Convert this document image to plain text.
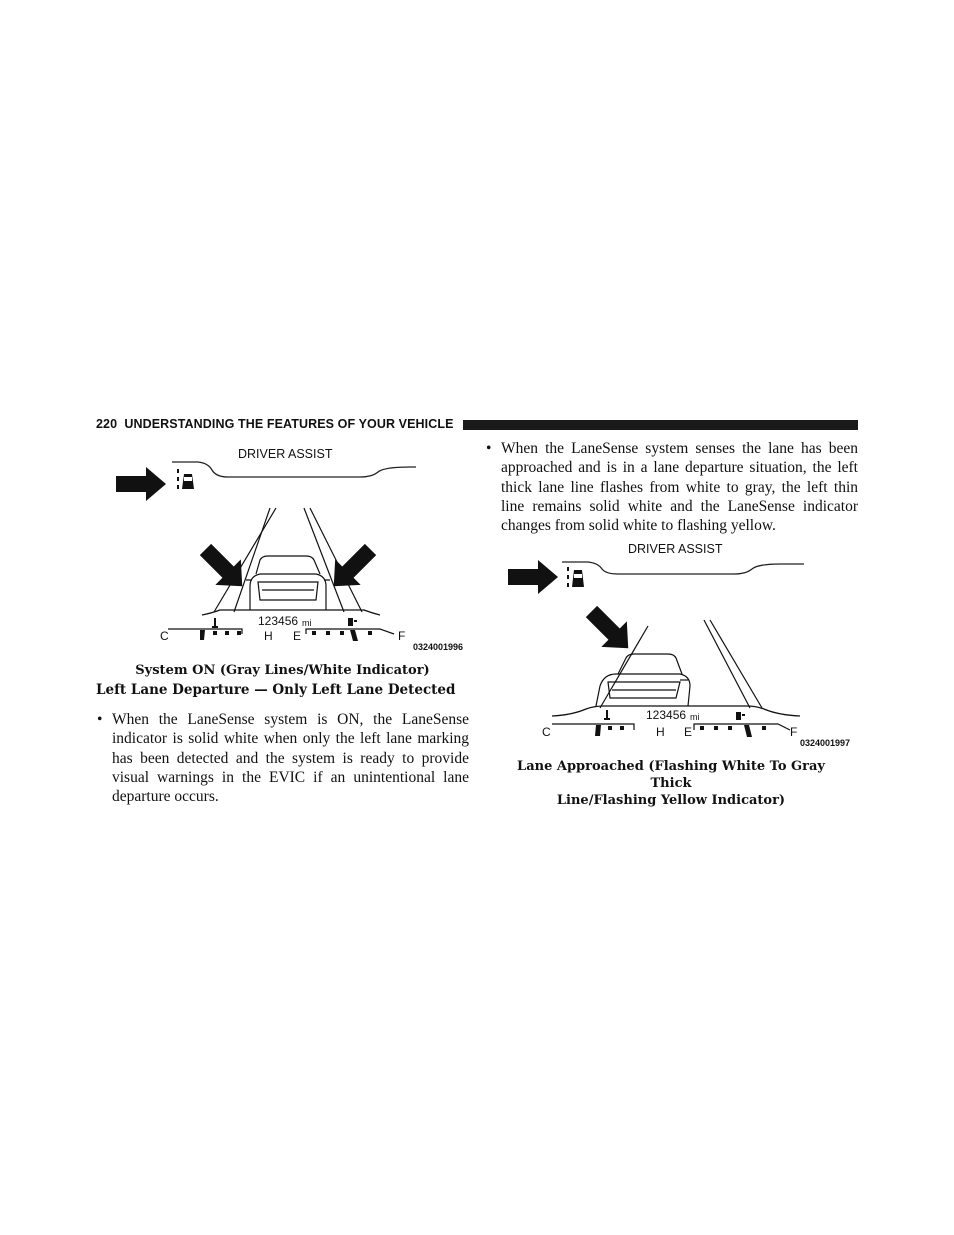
220 UNDERSTANDING THE FEATURES OF YOUR VEHICLE
DRIVER ASSIST
123456 mi
C	H E	F
0324001996
System ON (Gray Lines/White Indicator)
Left Lane Departure — Only Left Lane Detected
• When the LaneSense system is ON, the LaneSense indicator is solid white when only the left lane marking has been detected and the system is ready to provide visual warnings in the EVIC if an unintentional lane departure occurs.
• When the LaneSense system senses the lane has been approached and is in a lane departure situation, the left thick lane line flashes from white to gray, the left thin line remains solid white and the LaneSense indicator changes from solid white to flashing yellow.
DRIVER ASSIST
123456 mi
C	H E	F
0324001997
Lane Approached (Flashing White To Gray Thick
Line/Flashing Yellow Indicator)
